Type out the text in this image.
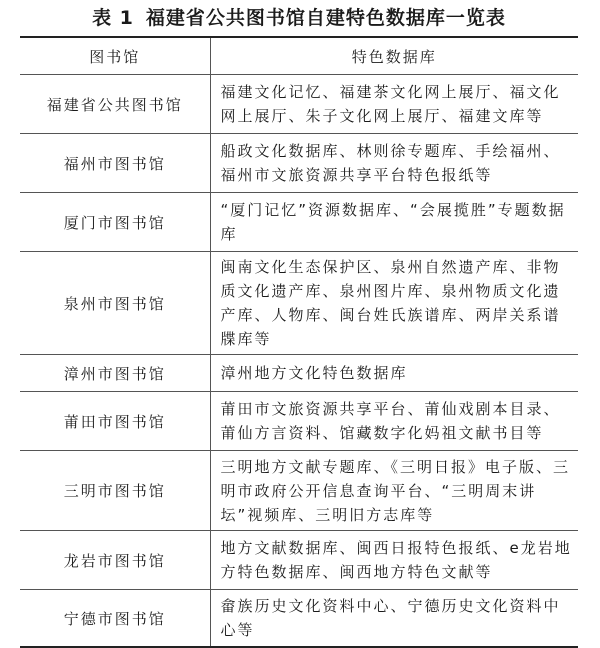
表 1 福建省公共图书馆自建特色数据库一览表
图书馆	特色数据库
福建省公共图书馆	福建文化记忆、福建茶文化网上展厅、福文化网上展厅、朱子文化网上展厅、福建文库等
福州市图书馆	船政文化数据库、林则徐专题库、手绘福州、福州市文旅资源共享平台特色报纸等
厦门市图书馆	“厦门记忆”资源数据库、“会展揽胜”专题数据库
泉州市图书馆	闽南文化生态保护区、泉州自然遗产库、非物质文化遗产库、泉州图片库、泉州物质文化遗产库、人物库、闽台姓氏族谱库、两岸关系谱牒库等
漳州市图书馆	漳州地方文化特色数据库
莆田市图书馆	莆田市文旅资源共享平台、莆仙戏剧本目录、莆仙方言资料、馆藏数字化妈祖文献书目等
三明市图书馆	三明地方文献专题库、《三明日报》电子版、三明市政府公开信息查询平台、“三明周末讲坛”视频库、三明旧方志库等
龙岩市图书馆	地方文献数据库、闽西日报特色报纸、e龙岩地方特色数据库、闽西地方特色文献等
宁德市图书馆	畲族历史文化资料中心、宁德历史文化资料中心等
